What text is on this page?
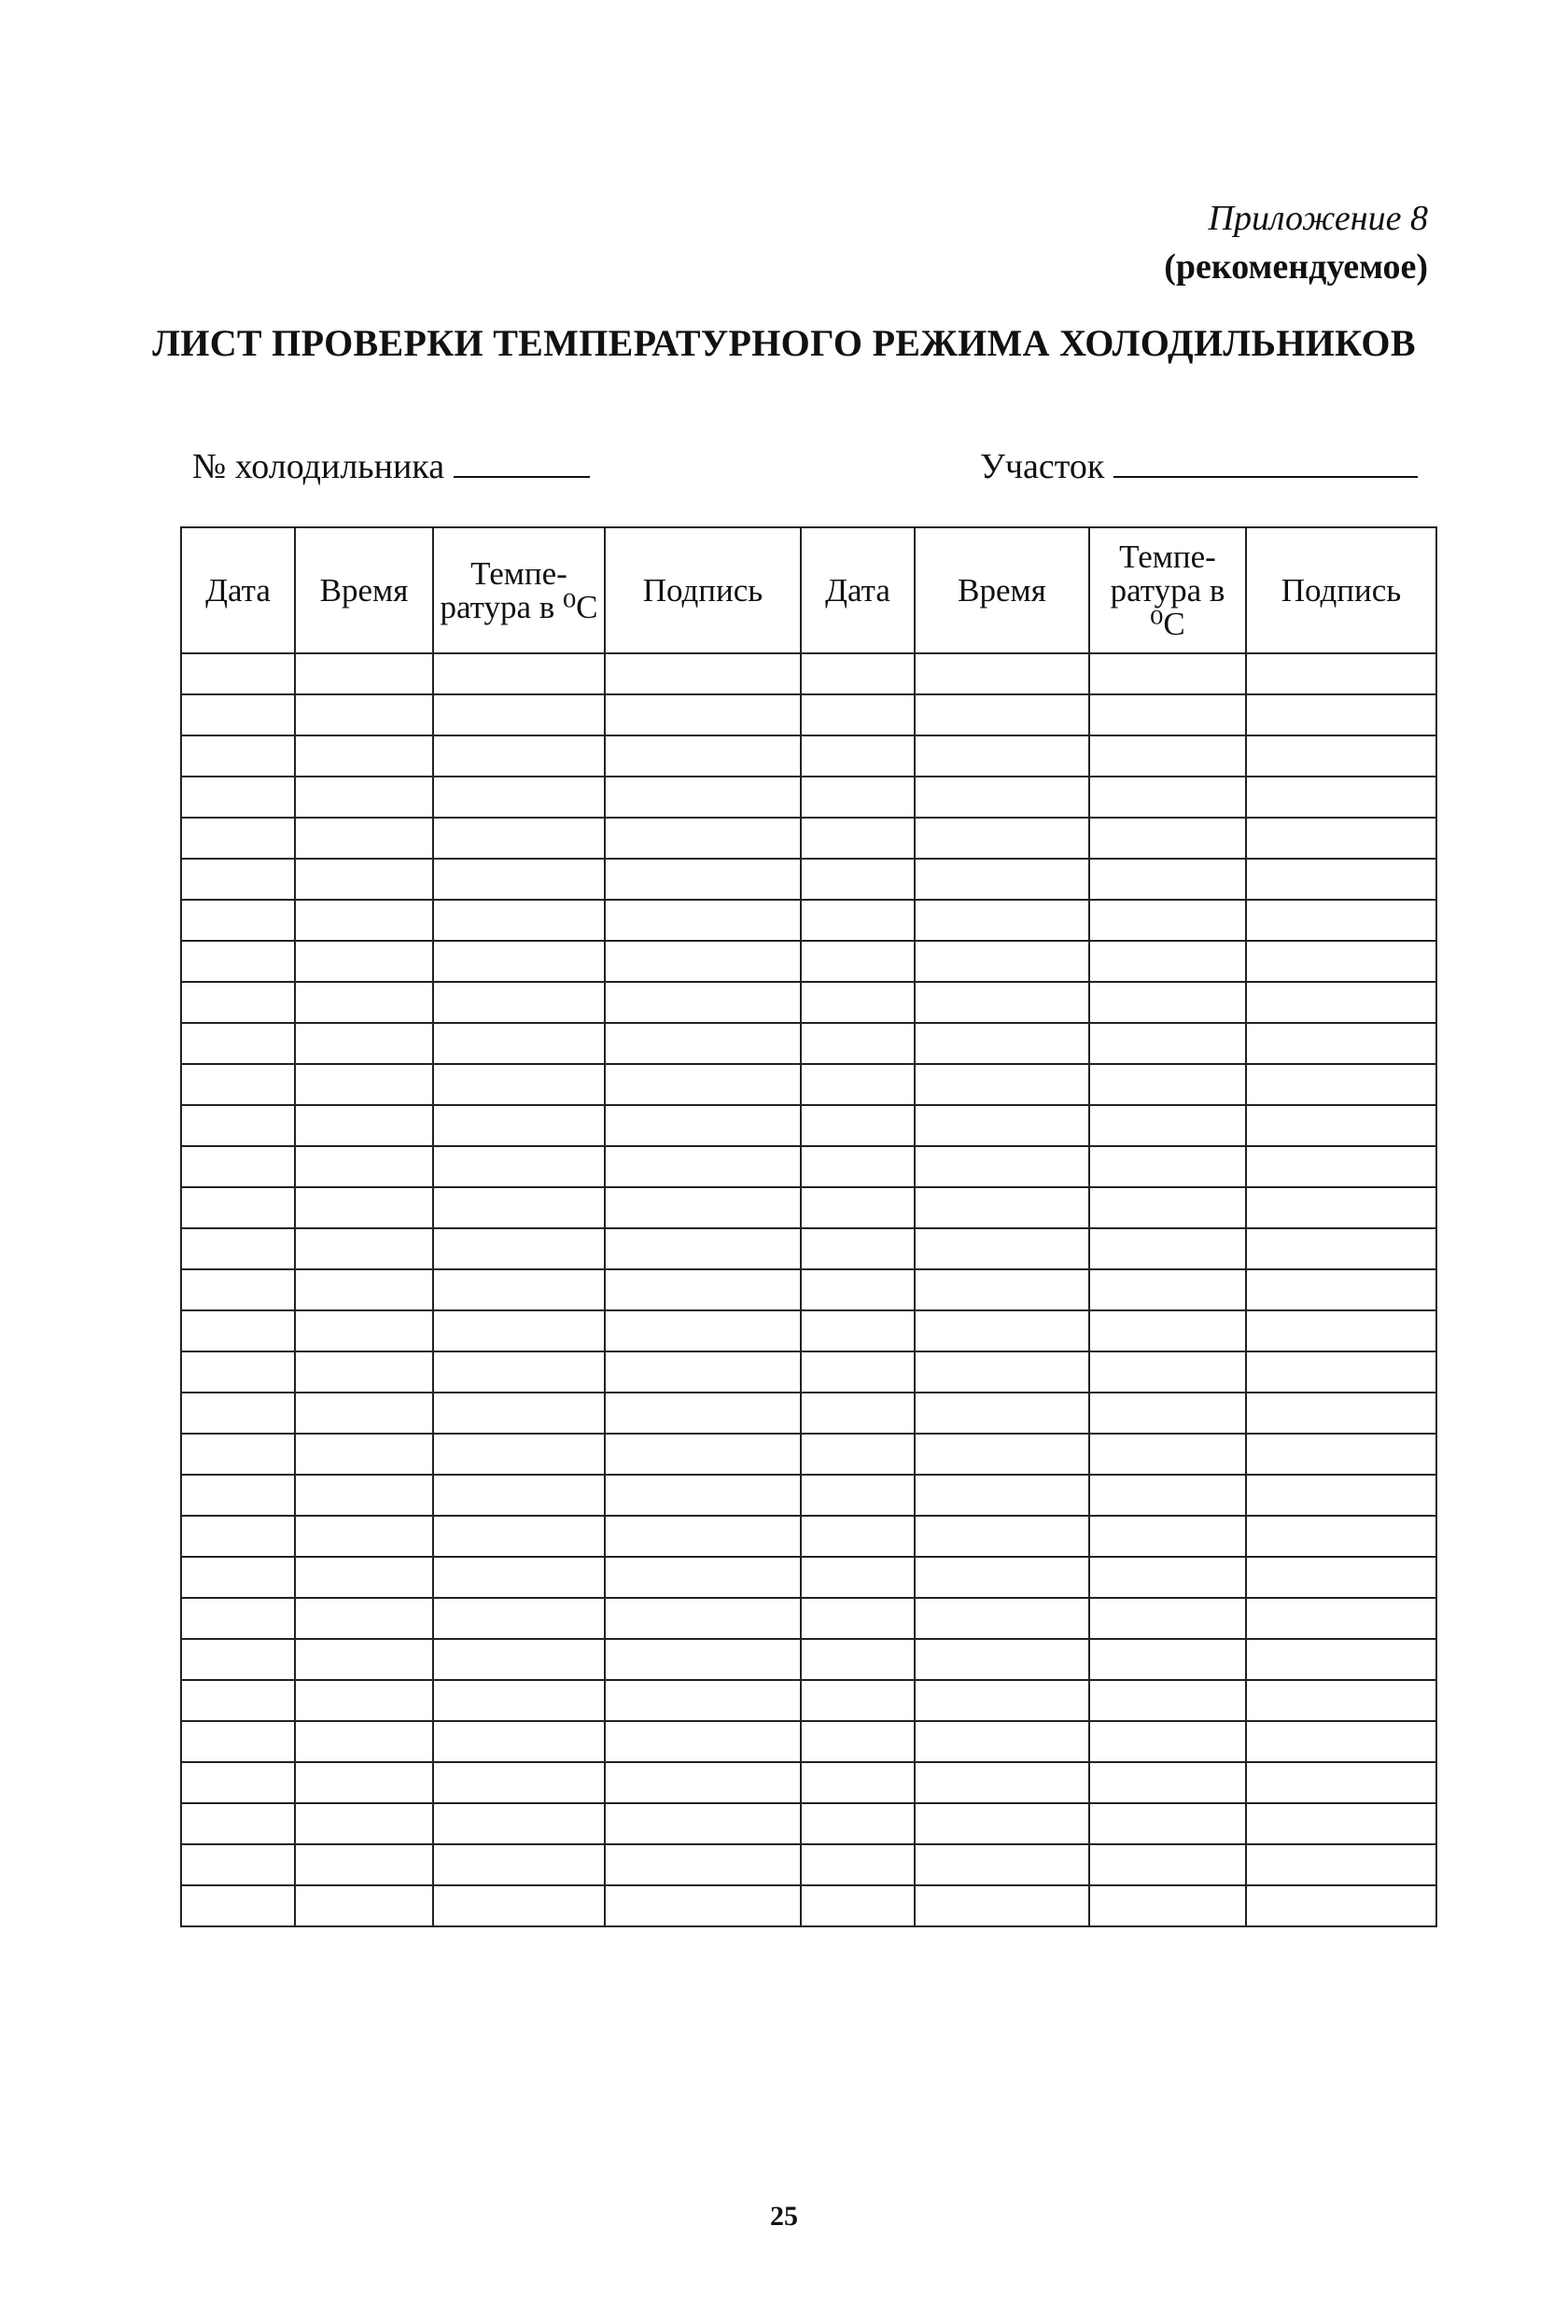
Приложение 8
(рекомендуемое)
ЛИСТ ПРОВЕРКИ ТЕМПЕРАТУРНОГО РЕЖИМА ХОЛОДИЛЬНИКОВ
№ холодильника	Участок
Дата	Время	Темпе-ратура в ⁰С	Подпись	Дата	Время	Темпе-ратура в ⁰С	Подпись

25
